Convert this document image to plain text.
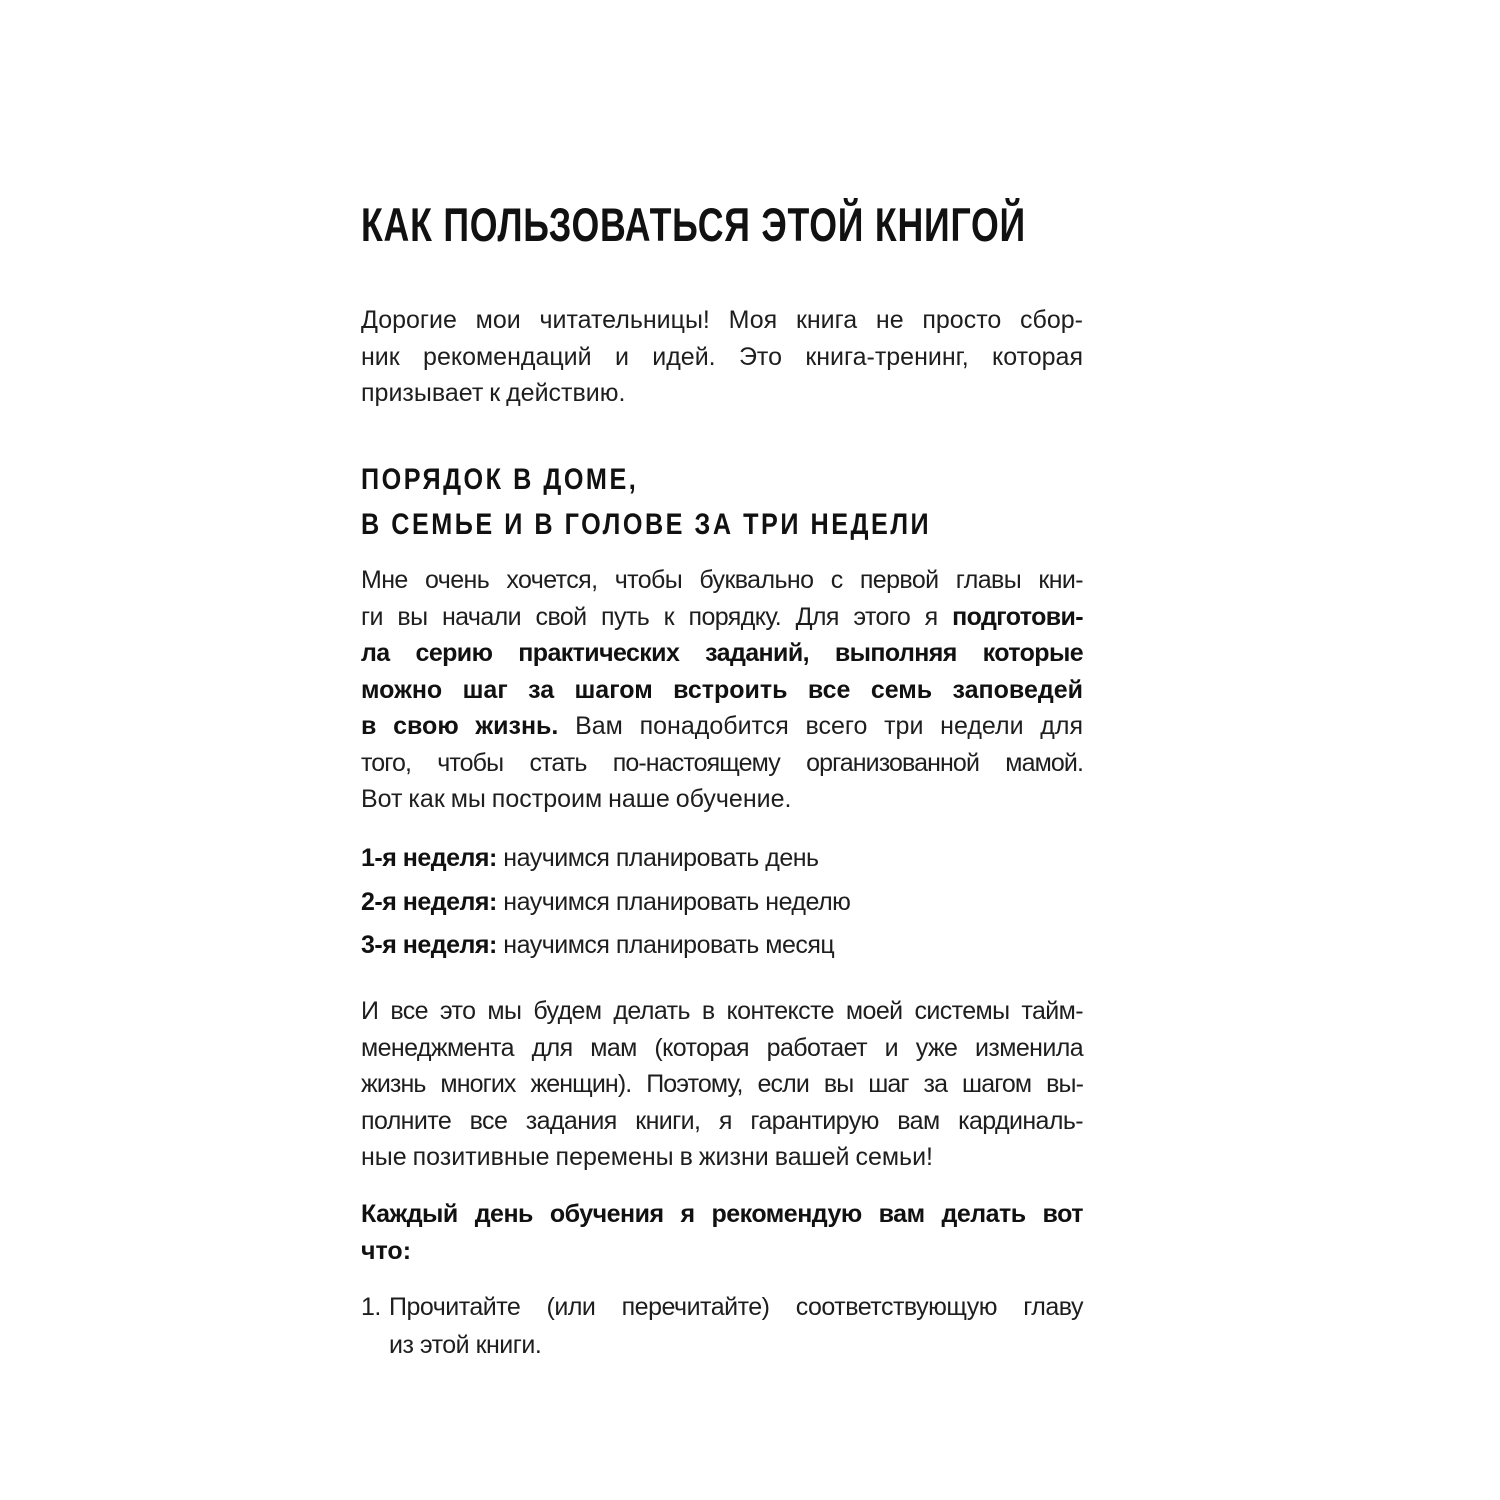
КАК ПОЛЬЗОВАТЬСЯ ЭТОЙ КНИГОЙ

Дорогие мои читательницы! Моя книга не просто сбор-
ник рекомендаций и идей. Это книга-тренинг, которая
призывает к действию.

ПОРЯДОК В ДОМЕ,
В СЕМЬЕ И В ГОЛОВЕ ЗА ТРИ НЕДЕЛИ

Мне очень хочется, чтобы буквально с первой главы кни-
ги вы начали свой путь к порядку. Для этого я подготови-
ла серию практических заданий, выполняя которые
можно шаг за шагом встроить все семь заповедей
в свою жизнь. Вам понадобится всего три недели для
того, чтобы стать по-настоящему организованной мамой.
Вот как мы построим наше обучение.

1-я неделя: научимся планировать день

2-я неделя: научимся планировать неделю

3-я неделя: научимся планировать месяц

И все это мы будем делать в контексте моей системы тайм-
менеджмента для мам (которая работает и уже изменила
жизнь многих женщин). Поэтому, если вы шаг за шагом вы-
полните все задания книги, я гарантирую вам кардиналь-
ные позитивные перемены в жизни вашей семьи!

Каждый день обучения я рекомендую вам делать вот
что:

1. Прочитайте (или перечитайте) соответствующую главу
из этой книги.
